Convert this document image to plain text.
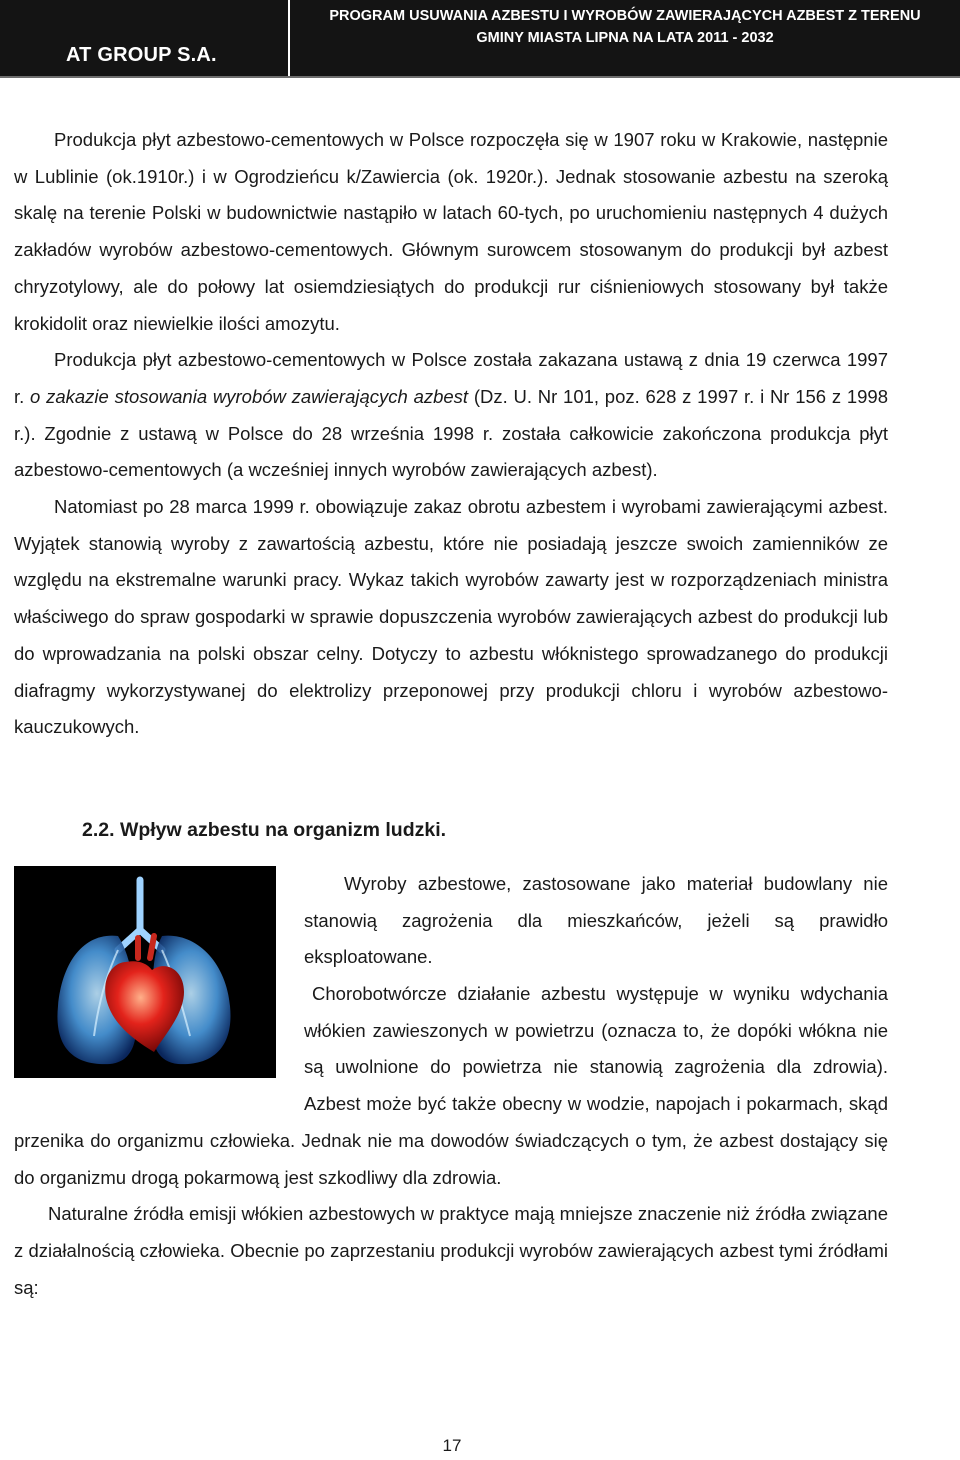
AT GROUP S.A.
PROGRAM USUWANIA AZBESTU I WYROBÓW ZAWIERAJĄCYCH AZBEST Z TERENU
GMINY MIASTA LIPNA NA LATA 2011 - 2032

Produkcja płyt azbestowo-cementowych w Polsce rozpoczęła się w 1907 roku w Krakowie, następnie w Lublinie (ok.1910r.) i w Ogrodzieńcu k/Zawiercia (ok. 1920r.). Jednak stosowanie azbestu na szeroką skalę na terenie Polski w budownictwie nastąpiło w latach 60-tych, po uruchomieniu następnych 4 dużych zakładów wyrobów azbestowo-cementowych. Głównym surowcem stosowanym do produkcji był azbest chryzotylowy, ale do połowy lat osiemdziesiątych do produkcji rur ciśnieniowych stosowany był także krokidolit oraz niewielkie ilości amozytu.

Produkcja płyt azbestowo-cementowych w Polsce została zakazana ustawą z dnia 19 czerwca 1997 r. o zakazie stosowania wyrobów zawierających azbest (Dz. U. Nr 101, poz. 628 z 1997 r. i Nr 156 z 1998 r.). Zgodnie z ustawą w Polsce do 28 września 1998 r. została całkowicie zakończona produkcja płyt azbestowo-cementowych (a wcześniej innych wyrobów zawierających azbest).

Natomiast po 28 marca 1999 r. obowiązuje zakaz obrotu azbestem i wyrobami zawierającymi azbest. Wyjątek stanowią wyroby z zawartością azbestu, które nie posiadają jeszcze swoich zamienników ze względu na ekstremalne warunki pracy. Wykaz takich wyrobów zawarty jest w rozporządzeniach ministra właściwego do spraw gospodarki w sprawie dopuszczenia wyrobów zawierających azbest do produkcji lub do wprowadzania na polski obszar celny. Dotyczy to azbestu włóknistego sprowadzanego do produkcji diafragmy wykorzystywanej do elektrolizy przeponowej przy produkcji chloru i wyrobów azbestowo-kauczukowych.

2.2. Wpływ azbestu na organizm ludzki.

Wyroby azbestowe, zastosowane jako materiał budowlany nie stanowią zagrożenia dla mieszkańców, jeżeli są prawidło eksploatowane.

Chorobotwórcze działanie azbestu występuje w wyniku wdychania włókien zawieszonych w powietrzu (oznacza to, że dopóki włókna nie są uwolnione do powietrza nie stanowią zagrożenia dla zdrowia). Azbest może być także obecny w wodzie, napojach i pokarmach, skąd przenika do organizmu człowieka. Jednak nie ma dowodów świadczących o tym, że azbest dostający się do organizmu drogą pokarmową jest szkodliwy dla zdrowia.

Naturalne źródła emisji włókien azbestowych w praktyce mają mniejsze znaczenie niż źródła związane z działalnością człowieka. Obecnie po zaprzestaniu produkcji wyrobów zawierających azbest tymi źródłami są:

17
